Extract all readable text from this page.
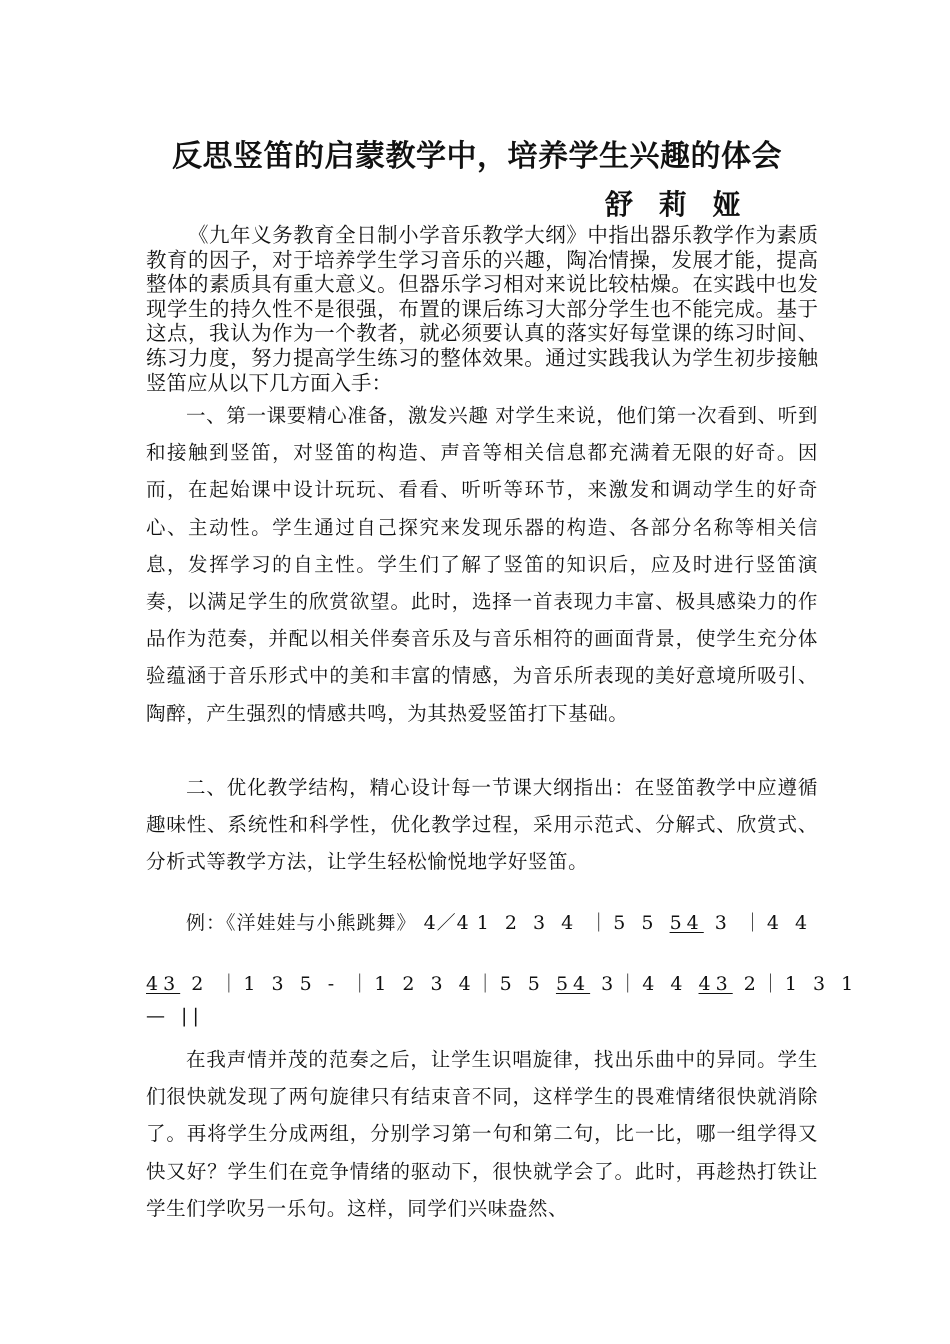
反思竖笛的启蒙教学中，培养学生兴趣的体会
舒 莉 娅

《九年义务教育全日制小学音乐教学大纲》中指出器乐教学作为素质教育的因子，对于培养学生学习音乐的兴趣，陶冶情操，发展才能，提高整体的素质具有重大意义。但器乐学习相对来说比较枯燥。在实践中也发现学生的持久性不是很强，布置的课后练习大部分学生也不能完成。基于这点，我认为作为一个教者，就必须要认真的落实好每堂课的练习时间、练习力度，努力提高学生练习的整体效果。通过实践我认为学生初步接触竖笛应从以下几方面入手：

一、第一课要精心准备，激发兴趣 对学生来说，他们第一次看到、听到和接触到竖笛，对竖笛的构造、声音等相关信息都充满着无限的好奇。因而，在起始课中设计玩玩、看看、听听等环节，来激发和调动学生的好奇心、主动性。学生通过自己探究来发现乐器的构造、各部分名称等相关信息，发挥学习的自主性。学生们了解了竖笛的知识后，应及时进行竖笛演奏，以满足学生的欣赏欲望。此时，选择一首表现力丰富、极具感染力的作品作为范奏，并配以相关伴奏音乐及与音乐相符的画面背景，使学生充分体验蕴涵于音乐形式中的美和丰富的情感，为音乐所表现的美好意境所吸引、陶醉，产生强烈的情感共鸣，为其热爱竖笛打下基础。

二、优化教学结构，精心设计每一节课大纲指出：在竖笛教学中应遵循趣味性、系统性和科学性，优化教学过程，采用示范式、分解式、欣赏式、分析式等教学方法，让学生轻松愉悦地学好竖笛。

例：《洋娃娃与小熊跳舞》 4／4 1 2 3 4 ｜5 5 54 3 ｜4 4
43 2 ｜1 3 5 - ｜1 2 3 4｜5 5 54 3｜4 4 43 2｜1 3 1
— ||

在我声情并茂的范奏之后，让学生识唱旋律，找出乐曲中的异同。学生们很快就发现了两句旋律只有结束音不同，这样学生的畏难情绪很快就消除了。再将学生分成两组，分别学习第一句和第二句，比一比，哪一组学得又快又好？学生们在竞争情绪的驱动下，很快就学会了。此时，再趁热打铁让学生们学吹另一乐句。这样，同学们兴味盎然、
